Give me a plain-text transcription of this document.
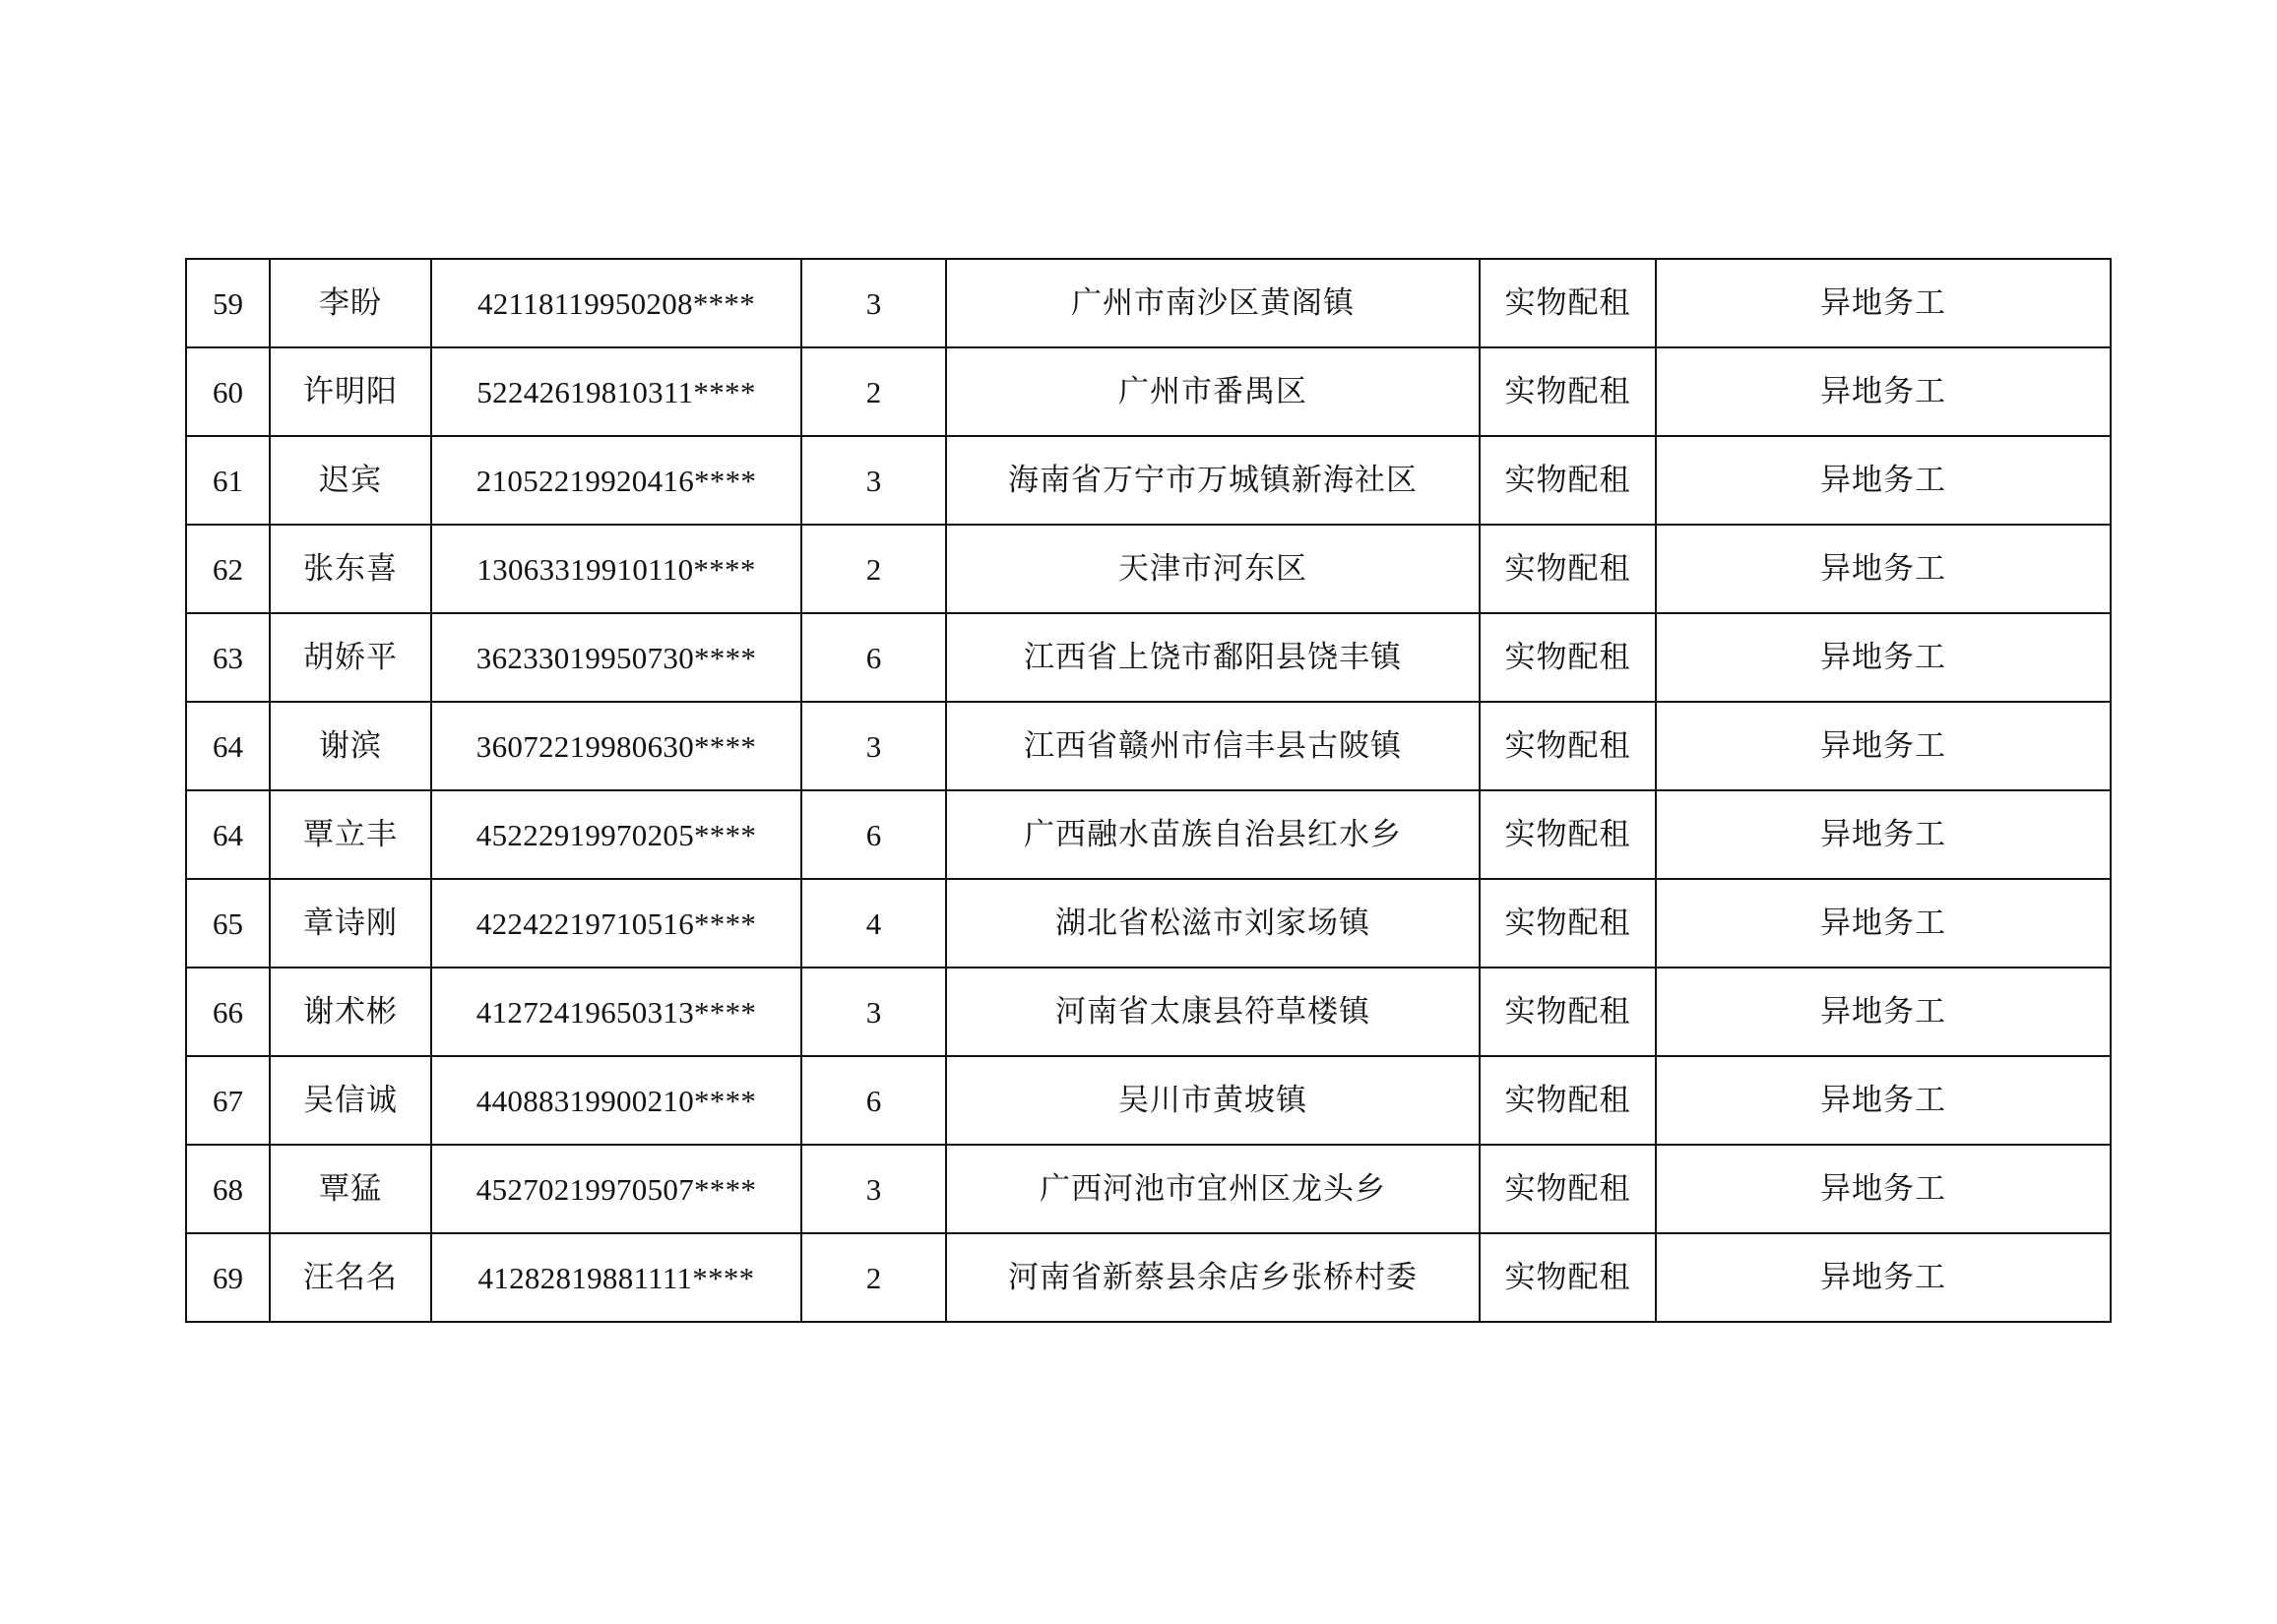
59	李盼	42118119950208****	3	广州市南沙区黄阁镇	实物配租	异地务工
60	许明阳	52242619810311****	2	广州市番禺区	实物配租	异地务工
61	迟宾	21052219920416****	3	海南省万宁市万城镇新海社区	实物配租	异地务工
62	张东喜	13063319910110****	2	天津市河东区	实物配租	异地务工
63	胡娇平	36233019950730****	6	江西省上饶市鄱阳县饶丰镇	实物配租	异地务工
64	谢滨	36072219980630****	3	江西省赣州市信丰县古陂镇	实物配租	异地务工
64	覃立丰	45222919970205****	6	广西融水苗族自治县红水乡	实物配租	异地务工
65	章诗刚	42242219710516****	4	湖北省松滋市刘家场镇	实物配租	异地务工
66	谢术彬	41272419650313****	3	河南省太康县符草楼镇	实物配租	异地务工
67	吴信诚	44088319900210****	6	吴川市黄坡镇	实物配租	异地务工
68	覃猛	45270219970507****	3	广西河池市宜州区龙头乡	实物配租	异地务工
69	汪名名	41282819881111****	2	河南省新蔡县余店乡张桥村委	实物配租	异地务工
